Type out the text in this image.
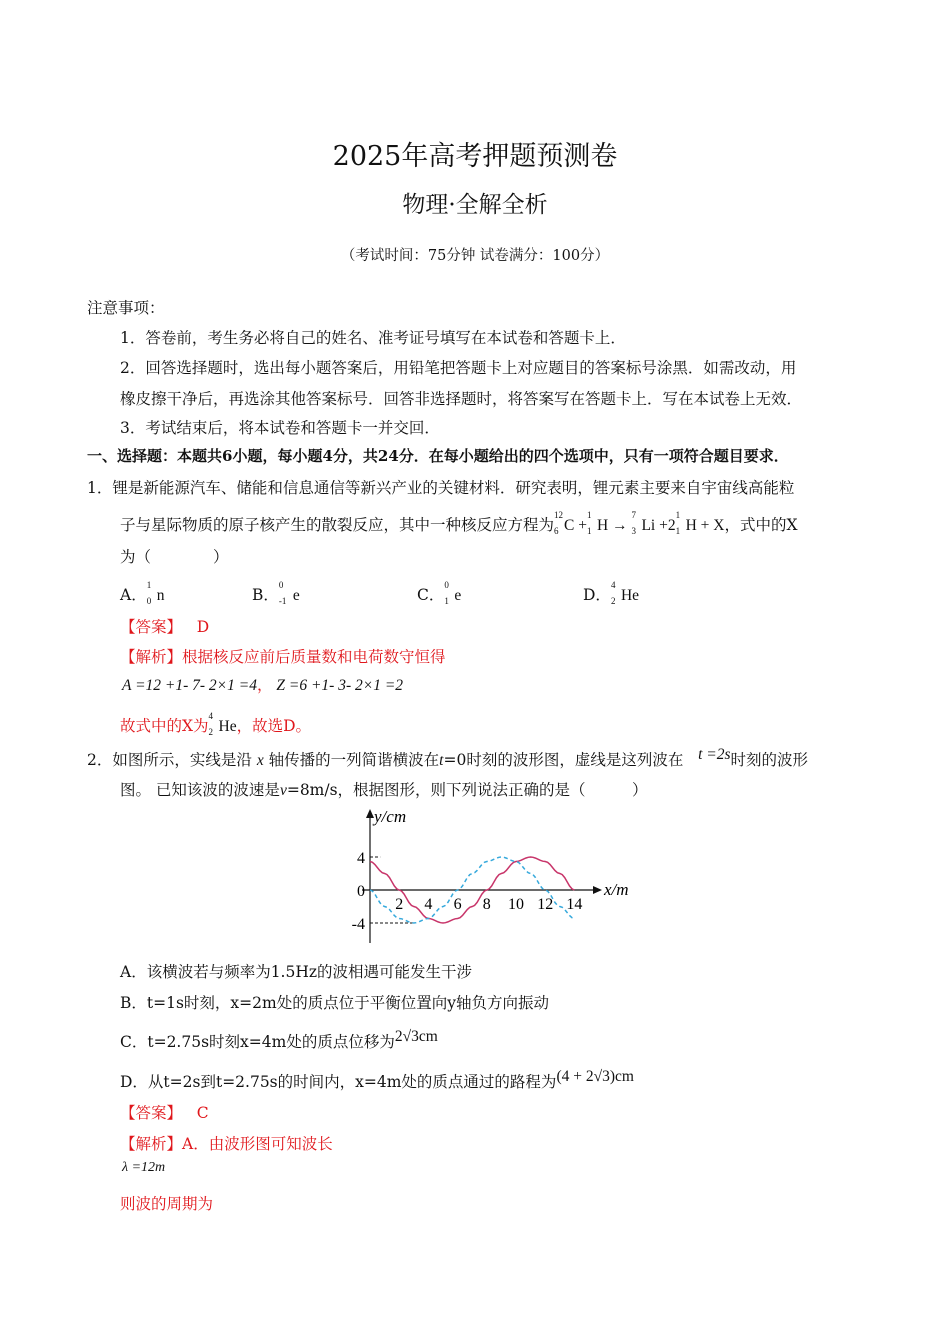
2025年高考押题预测卷
物理·全解全析
（考试时间：75分钟 试卷满分：100分）
注意事项：
1．答卷前，考生务必将自己的姓名、准考证号填写在本试卷和答题卡上．
2．回答选择题时，选出每小题答案后，用铅笔把答题卡上对应题目的答案标号涂黑．如需改动，用
橡皮擦干净后，再选涂其他答案标号．回答非选择题时，将答案写在答题卡上．写在本试卷上无效．
3．考试结束后，将本试卷和答题卡一并交回．
一、选择题：本题共6小题，每小题4分，共24分．在每小题给出的四个选项中，只有一项符合题目要求．
1．锂是新能源汽车、储能和信息通信等新兴产业的关键材料．研究表明，锂元素主要来自宇宙线高能粒
子与星际物质的原子核产生的散裂反应，其中一种核反应方程为
12
6 C +
1
1 H →
7
3 Li +2
1
1 H + X，式中的X
为（　　　　）
A．
1
0 n	B．
0
-1 e	C．
0
1 e	D．
4
2 He
【答案】 D
【解析】根据核反应前后质量数和电荷数守恒得
A =12 +1- 7- 2×1 =4， Z =6 +1- 3- 2×1 =2
故式中的X为
4
2 He，故选D。
2．如图所示，实线是沿 x 轴传播的一列简谐横波在t=0时刻的波形图，虚线是这列波在 t =2s时刻的波形
图。 已知该波的波速是v=8m/s，根据图形，则下列说法正确的是（　　　）
y/cm
x/m
2 4 6 8 10 12 14
4
0
-4
A．该横波若与频率为1.5Hz的波相遇可能发生干涉
B．t=1s时刻，x=2m处的质点位于平衡位置向y轴负方向振动
C．t=2.75s时刻x=4m处的质点位移为2√3cm
D．从t=2s到t=2.75s的时间内，x=4m处的质点通过的路程为(4 + 2√3)cm
【答案】 C
【解析】A．由波形图可知波长
λ =12m
则波的周期为
